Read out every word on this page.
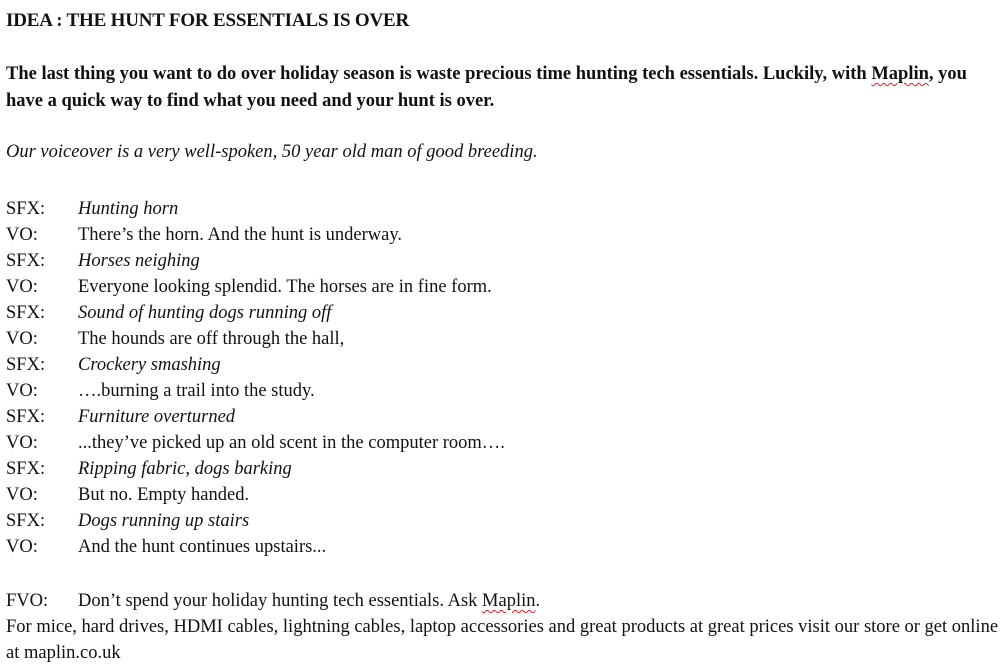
IDEA : THE HUNT FOR ESSENTIALS IS OVER
The last thing you want to do over holiday season is waste precious time hunting tech essentials. Luckily, with Maplin, you have a quick way to find what you need and your hunt is over.
Our voiceover is a very well-spoken, 50 year old man of good breeding.
SFX:	Hunting horn
VO:	There’s the horn. And the hunt is underway.
SFX:	Horses neighing
VO:	Everyone looking splendid. The horses are in fine form.
SFX:	Sound of hunting dogs running off
VO:	The hounds are off through the hall,
SFX:	Crockery smashing
VO:	….burning a trail into the study.
SFX:	Furniture overturned
VO:	...they’ve picked up an old scent in the computer room….
SFX:	Ripping fabric, dogs barking
VO:	But no. Empty handed.
SFX:	Dogs running up stairs
VO:	And the hunt continues upstairs...
FVO: Don’t spend your holiday hunting tech essentials. Ask Maplin.
For mice, hard drives, HDMI cables, lightning cables, laptop accessories and great products at great prices visit our store or get online at maplin.co.uk
